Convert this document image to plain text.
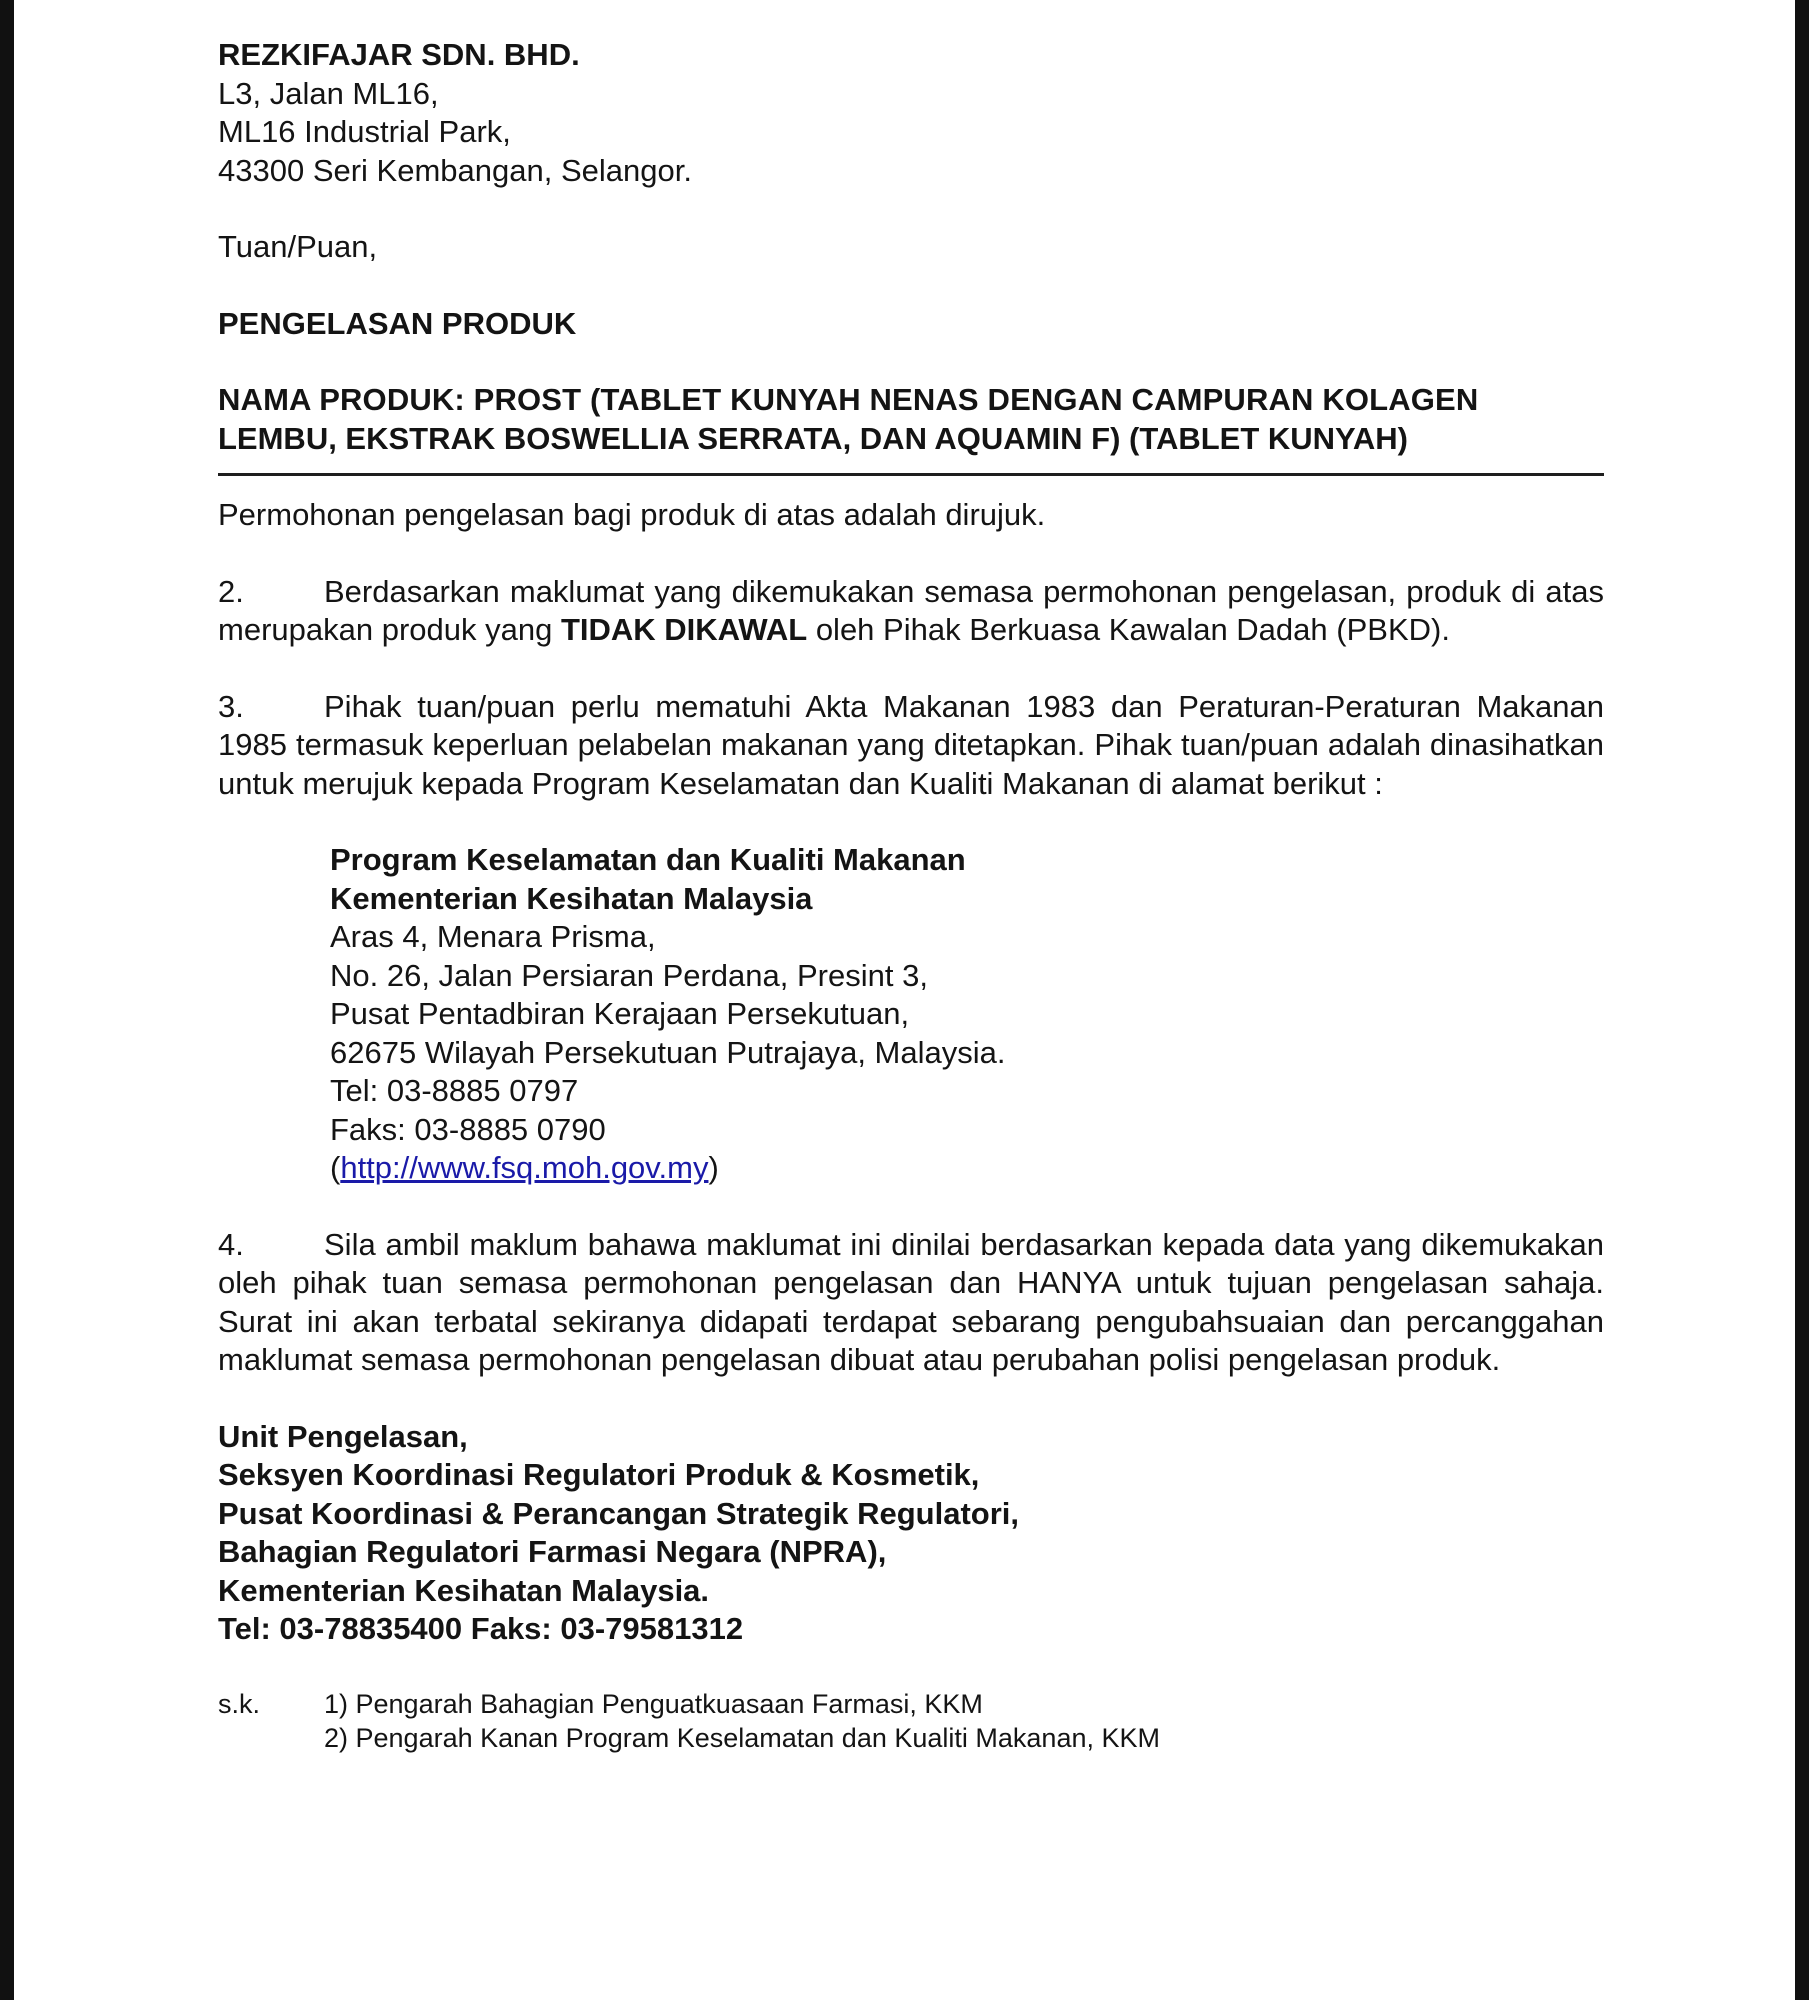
REZKIFAJAR SDN. BHD.
L3, Jalan ML16,
ML16 Industrial Park,
43300 Seri Kembangan, Selangor.

Tuan/Puan,

PENGELASAN PRODUK

NAMA PRODUK: PROST (TABLET KUNYAH NENAS DENGAN CAMPURAN KOLAGEN
LEMBU, EKSTRAK BOSWELLIA SERRATA, DAN AQUAMIN F) (TABLET KUNYAH)

Permohonan pengelasan bagi produk di atas adalah dirujuk.

2.	Berdasarkan maklumat yang dikemukakan semasa permohonan pengelasan, produk di atas merupakan produk yang TIDAK DIKAWAL oleh Pihak Berkuasa Kawalan Dadah (PBKD).

3.	Pihak tuan/puan perlu mematuhi Akta Makanan 1983 dan Peraturan-Peraturan Makanan 1985 termasuk keperluan pelabelan makanan yang ditetapkan. Pihak tuan/puan adalah dinasihatkan untuk merujuk kepada Program Keselamatan dan Kualiti Makanan di alamat berikut :

Program Keselamatan dan Kualiti Makanan
Kementerian Kesihatan Malaysia
Aras 4, Menara Prisma,
No. 26, Jalan Persiaran Perdana, Presint 3,
Pusat Pentadbiran Kerajaan Persekutuan,
62675 Wilayah Persekutuan Putrajaya, Malaysia.
Tel: 03-8885 0797
Faks: 03-8885 0790
(http://www.fsq.moh.gov.my)

4.	Sila ambil maklum bahawa maklumat ini dinilai berdasarkan kepada data yang dikemukakan oleh pihak tuan semasa permohonan pengelasan dan HANYA untuk tujuan pengelasan sahaja. Surat ini akan terbatal sekiranya didapati terdapat sebarang pengubahsuaian dan percanggahan maklumat semasa permohonan pengelasan dibuat atau perubahan polisi pengelasan produk.

Unit Pengelasan,
Seksyen Koordinasi Regulatori Produk & Kosmetik,
Pusat Koordinasi & Perancangan Strategik Regulatori,
Bahagian Regulatori Farmasi Negara (NPRA),
Kementerian Kesihatan Malaysia.
Tel: 03-78835400 Faks: 03-79581312
s.k. 1) Pengarah Bahagian Penguatkuasaan Farmasi, KKM
2) Pengarah Kanan Program Keselamatan dan Kualiti Makanan, KKM
